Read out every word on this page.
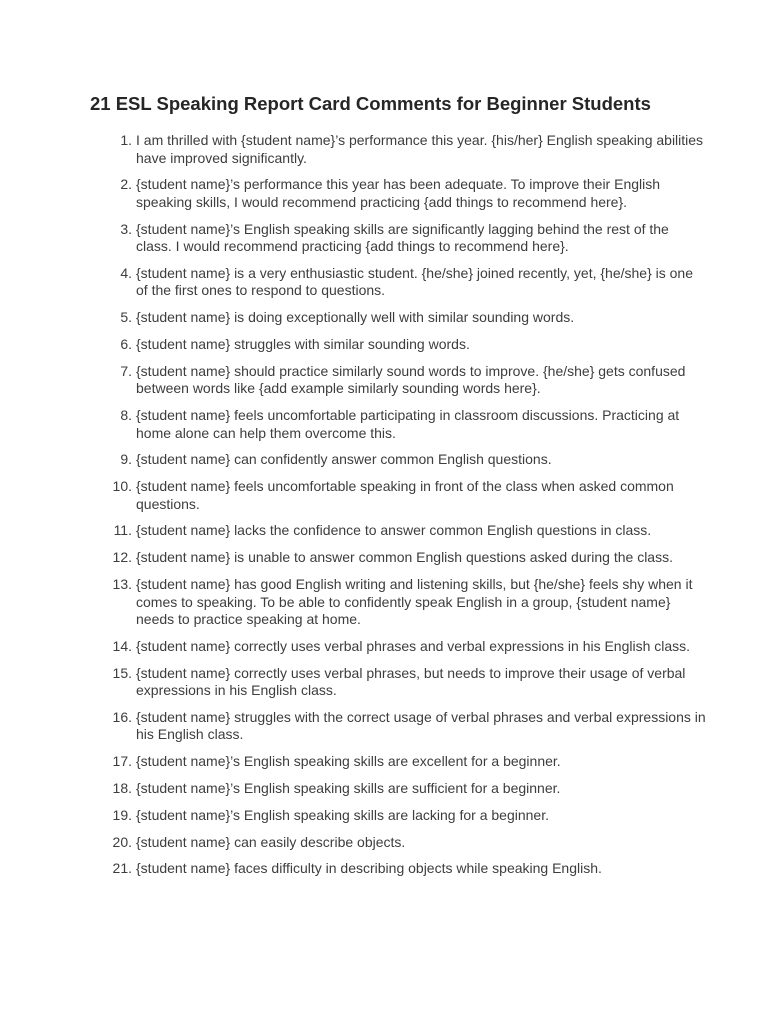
21 ESL Speaking Report Card Comments for Beginner Students
1. I am thrilled with {student name}’s performance this year. {his/her} English speaking abilities have improved significantly.
2. {student name}’s performance this year has been adequate. To improve their English speaking skills, I would recommend practicing {add things to recommend here}.
3. {student name}’s English speaking skills are significantly lagging behind the rest of the class. I would recommend practicing {add things to recommend here}.
4. {student name} is a very enthusiastic student. {he/she} joined recently, yet, {he/she} is one of the first ones to respond to questions.
5. {student name} is doing exceptionally well with similar sounding words.
6. {student name} struggles with similar sounding words.
7. {student name} should practice similarly sound words to improve. {he/she} gets confused between words like {add example similarly sounding words here}.
8. {student name} feels uncomfortable participating in classroom discussions. Practicing at home alone can help them overcome this.
9. {student name} can confidently answer common English questions.
10. {student name} feels uncomfortable speaking in front of the class when asked common questions.
11. {student name} lacks the confidence to answer common English questions in class.
12. {student name} is unable to answer common English questions asked during the class.
13. {student name} has good English writing and listening skills, but {he/she} feels shy when it comes to speaking. To be able to confidently speak English in a group, {student name} needs to practice speaking at home.
14. {student name} correctly uses verbal phrases and verbal expressions in his English class.
15. {student name} correctly uses verbal phrases, but needs to improve their usage of verbal expressions in his English class.
16. {student name} struggles with the correct usage of verbal phrases and verbal expressions in his English class.
17. {student name}’s English speaking skills are excellent for a beginner.
18. {student name}’s English speaking skills are sufficient for a beginner.
19. {student name}’s English speaking skills are lacking for a beginner.
20. {student name} can easily describe objects.
21. {student name} faces difficulty in describing objects while speaking English.
